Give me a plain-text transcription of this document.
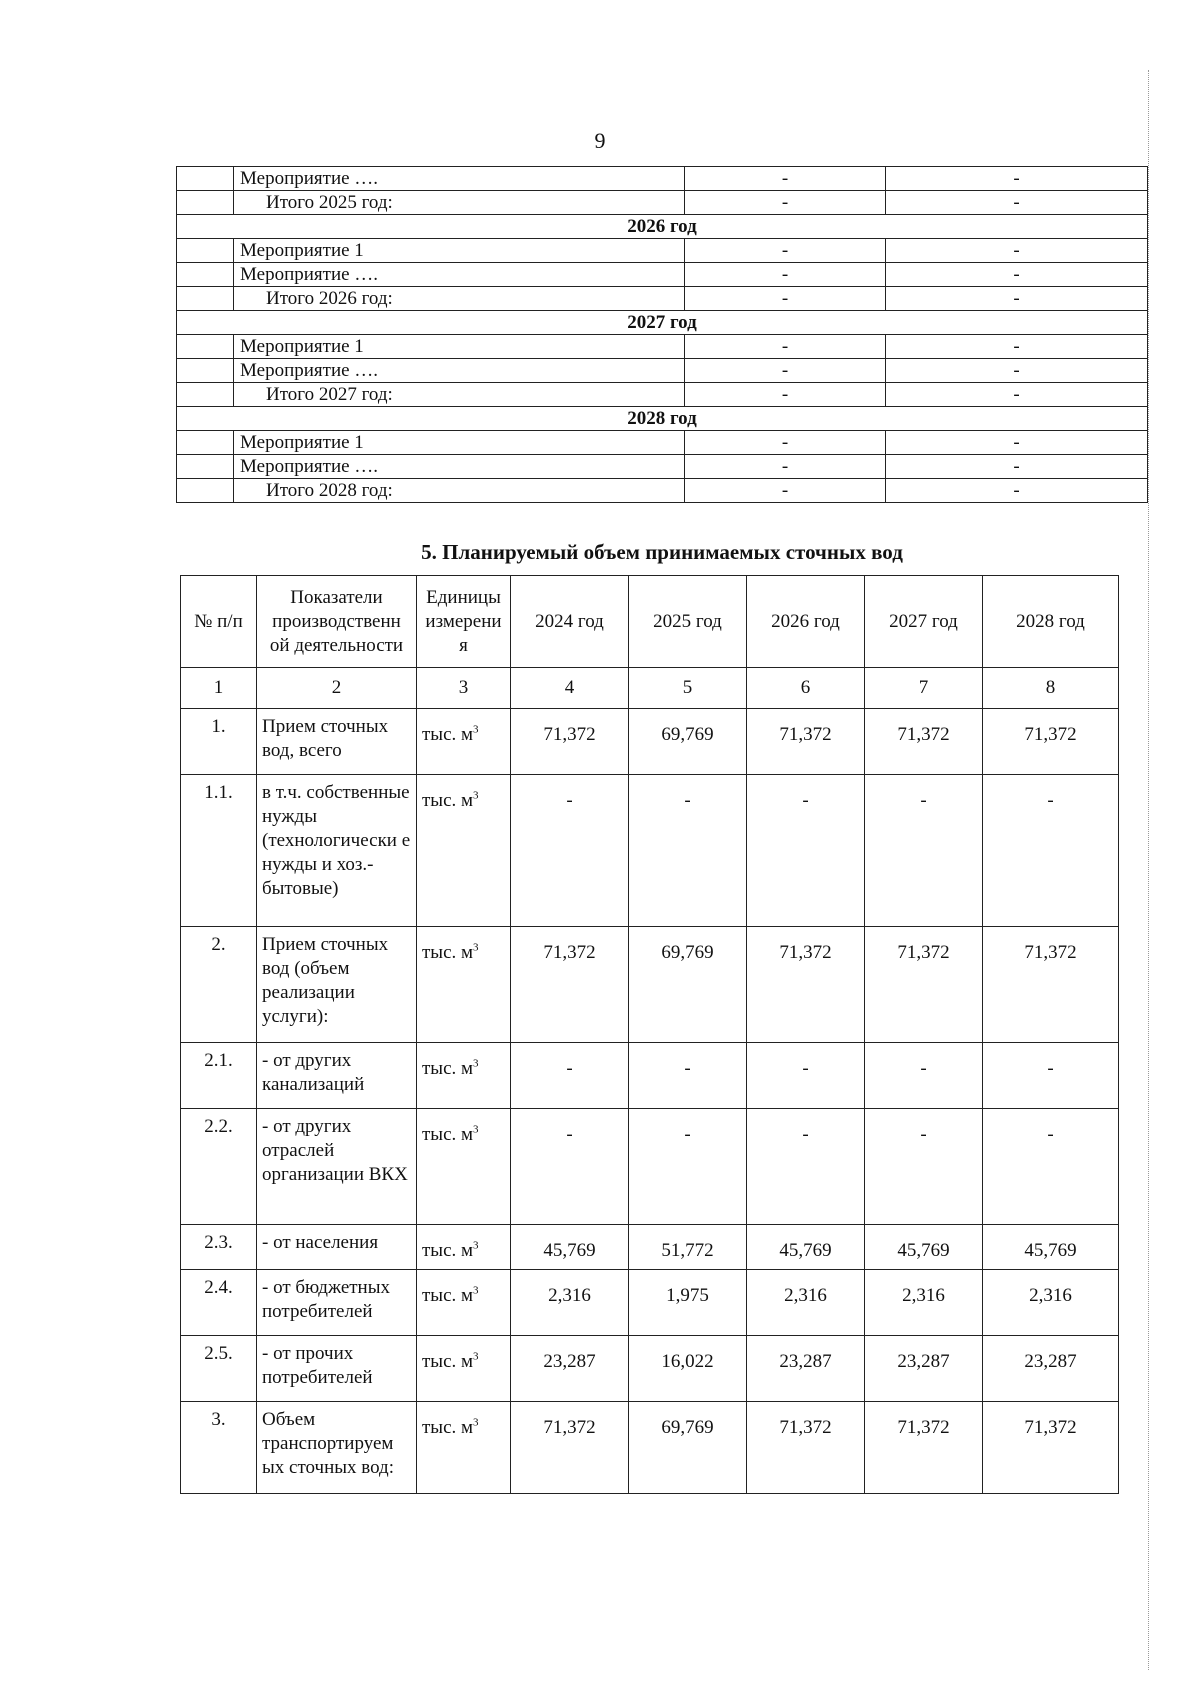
9
	Мероприятие ….	-	-
	Итого 2025 год:	-	-
2026 год			
	Мероприятие 1	-	-
	Мероприятие ….	-	-
	Итого 2026 год:	-	-
2027 год			
	Мероприятие 1	-	-
	Мероприятие ….	-	-
	Итого 2027 год:	-	-
2028 год			
	Мероприятие 1	-	-
	Мероприятие ….	-	-
	Итого 2028 год:	-	-
5. Планируемый объем принимаемых сточных вод
№ п/п	Показатели производственн ой деятельности	Единицы измерени я	2024 год	2025 год	2026 год	2027 год	2028 год
1	2	3	4	5	6	7	8
1.	Прием сточных вод, всего	тыс. $м^3$	71,372	69,769	71,372	71,372	71,372
1.1.	в т.ч. собственные нужды (технологически е нужды и хоз.-бытовые)	тыс. $м^3$	-	-	-	-	-
2.	Прием сточных вод (объем реализации услуги):	тыс. $м^3$	71,372	69,769	71,372	71,372	71,372
2.1.	- от других канализаций	тыс. $м^3$	-	-	-	-	-
2.2.	- от других отраслей организации ВКХ	тыс. $м^3$	-	-	-	-	-
2.3.	- от населения	тыс. $м^3$	45,769	51,772	45,769	45,769	45,769
2.4.	- от бюджетных потребителей	тыс. $м^3$	2,316	1,975	2,316	2,316	2,316
2.5.	- от прочих потребителей	тыс. $м^3$	23,287	16,022	23,287	23,287	23,287
3.	Объем транспортируем ых сточных вод:	тыс. $м^3$	71,372	69,769	71,372	71,372	71,372
